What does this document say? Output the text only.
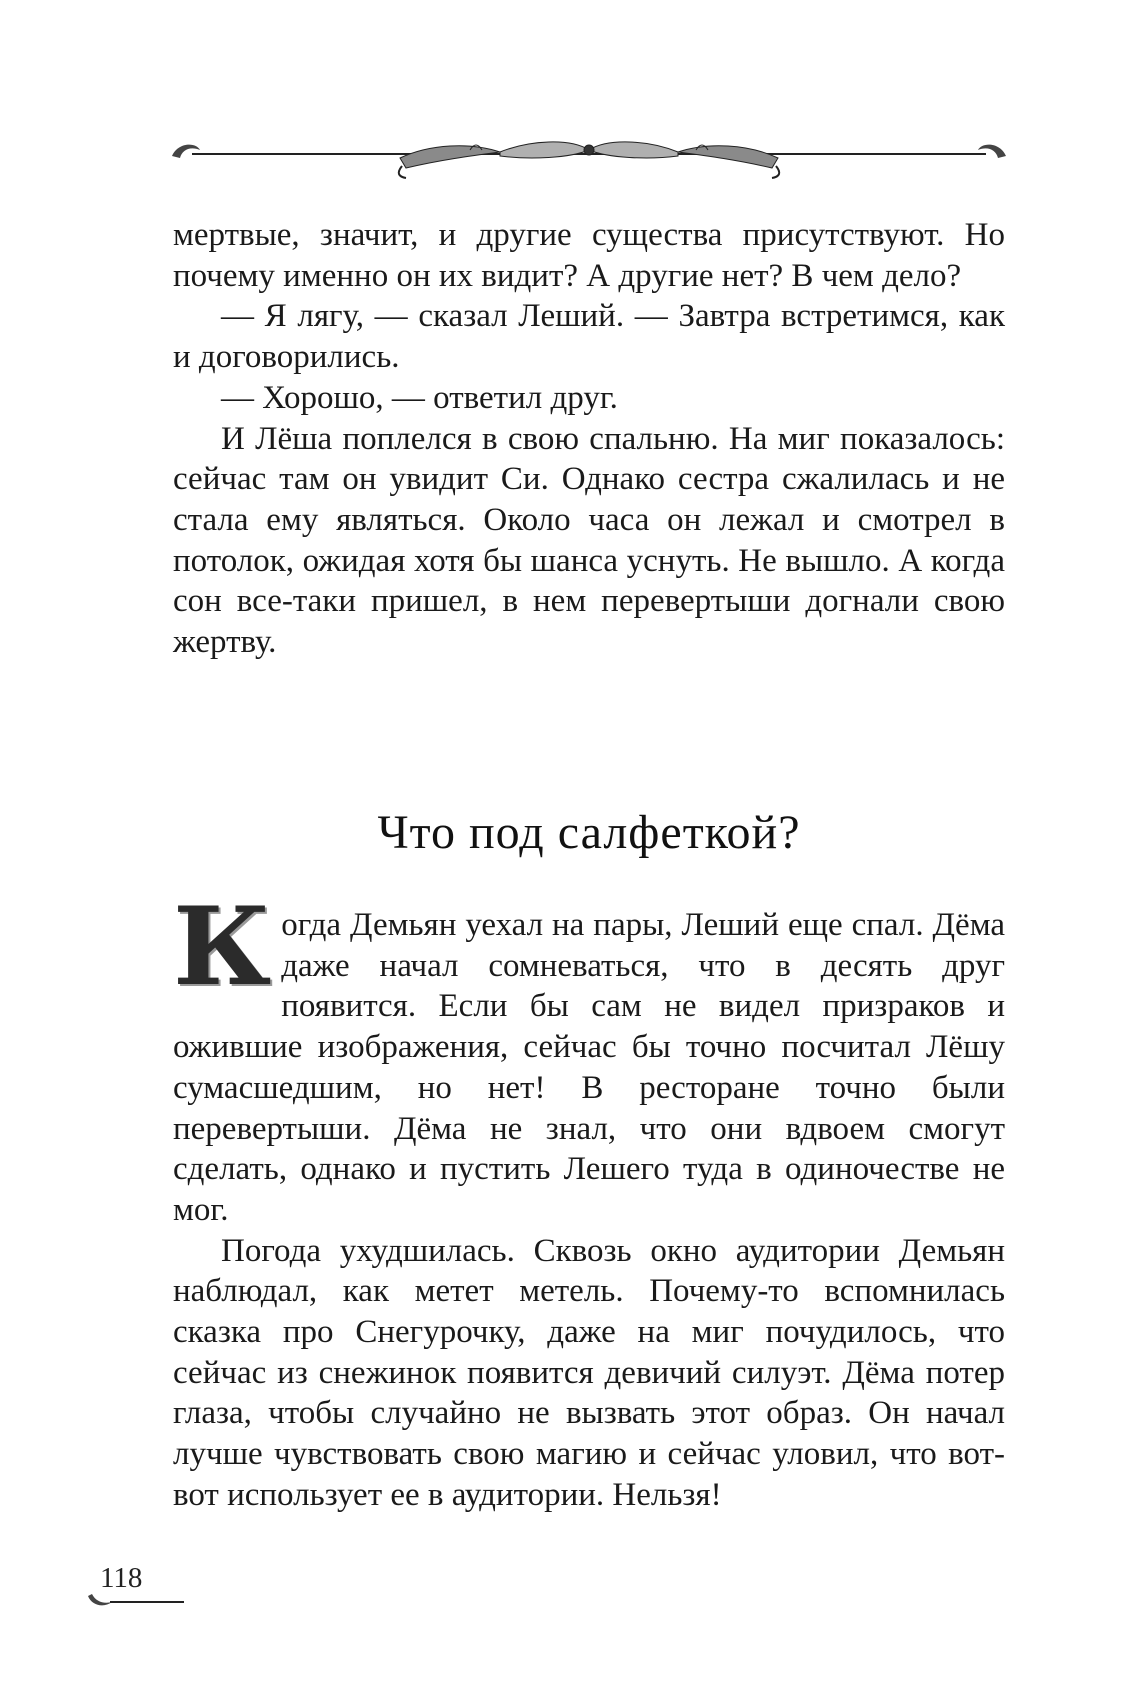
мертвые, значит, и другие существа присутствуют. Но почему именно он их видит? А другие нет? В чем дело?

— Я лягу, — сказал Леший. — Завтра встретимся, как и договорились.

— Хорошо, — ответил друг.

И Лёша поплелся в свою спальню. На миг показалось: сейчас там он увидит Си. Однако сестра сжалилась и не стала ему являться. Около часа он лежал и смотрел в потолок, ожидая хотя бы шанса уснуть. Не вышло. А когда сон все-таки пришел, в нем перевертыши догнали свою жертву.

Что под салфеткой?

Когда Демьян уехал на пары, Леший еще спал. Дёма даже начал сомневаться, что в десять друг появится. Если бы сам не видел призраков и ожившие изображения, сейчас бы точно посчитал Лёшу сумасшедшим, но нет! В ресторане точно были перевертыши. Дёма не знал, что они вдвоем смогут сделать, однако и пустить Лешего туда в одиночестве не мог.

Погода ухудшилась. Сквозь окно аудитории Демьян наблюдал, как метет метель. Почему-то вспомнилась сказка про Снегурочку, даже на миг почудилось, что сейчас из снежинок появится девичий силуэт. Дёма потер глаза, чтобы случайно не вызвать этот образ. Он начал лучше чувствовать свою магию и сейчас уловил, что вот-вот использует ее в аудитории. Нельзя!

118
